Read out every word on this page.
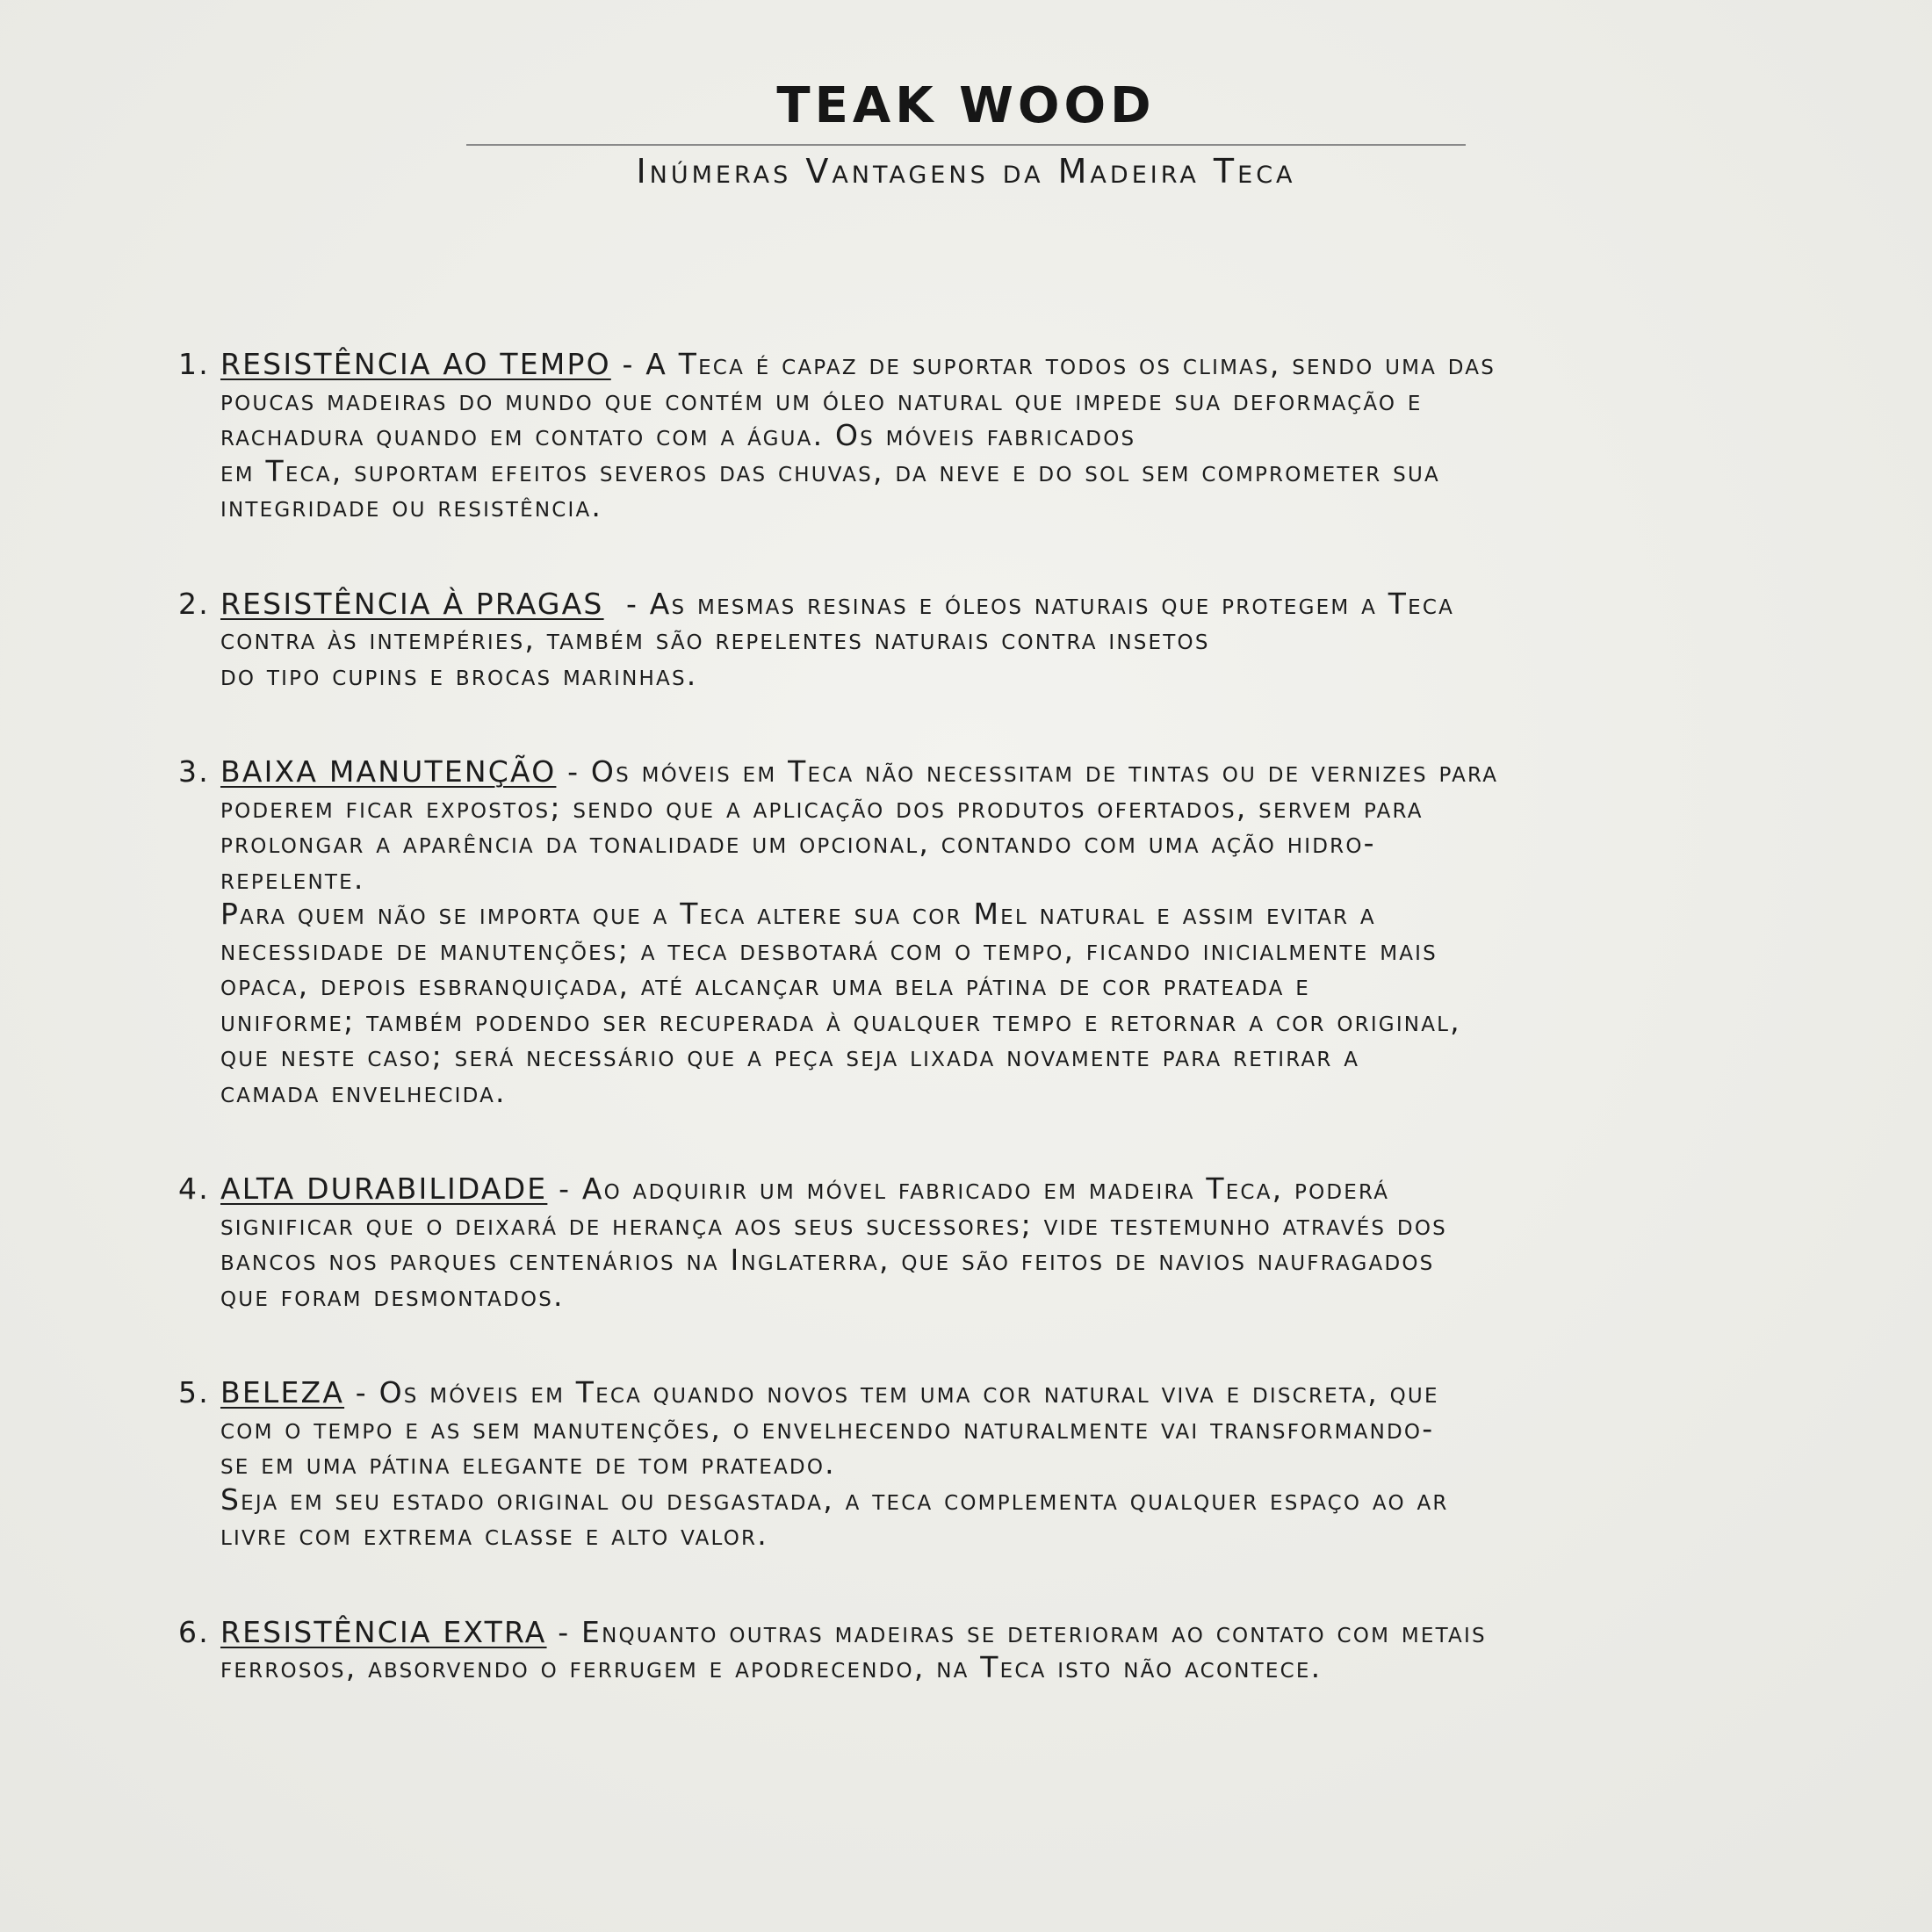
TEAK WOOD
Inúmeras Vantagens da Madeira Teca
1. RESISTÊNCIA AO TEMPO - A Teca é capaz de suportar todos os climas, sendo uma das
poucas madeiras do mundo que contém um óleo natural que impede sua deformação e
rachadura quando em contato com a água. Os móveis fabricados
em Teca, suportam efeitos severos das chuvas, da neve e do sol sem comprometer sua
integridade ou resistência.
2. RESISTÊNCIA À PRAGAS  - As mesmas resinas e óleos naturais que protegem a Teca
contra às intempéries, também são repelentes naturais contra insetos
do tipo cupins e brocas marinhas.
3. BAIXA MANUTENÇÃO - Os móveis em Teca não necessitam de tintas ou de vernizes para
poderem ficar expostos; sendo que a aplicação dos produtos ofertados, servem para
prolongar a aparência da tonalidade um opcional, contando com uma ação hidro-
repelente.
Para quem não se importa que a Teca altere sua cor Mel natural e assim evitar a
necessidade de manutenções; a teca desbotará com o tempo, ficando inicialmente mais
opaca, depois esbranquiçada, até alcançar uma bela pátina de cor prateada e
uniforme; também podendo ser recuperada à qualquer tempo e retornar a cor original,
que neste caso; será necessário que a peça seja lixada novamente para retirar a
camada envelhecida.
4. ALTA DURABILIDADE - Ao adquirir um móvel fabricado em madeira Teca, poderá
significar que o deixará de herança aos seus sucessores; vide testemunho através dos
bancos nos parques centenários na Inglaterra, que são feitos de navios naufragados
que foram desmontados.
5. BELEZA - Os móveis em Teca quando novos tem uma cor natural viva e discreta, que
com o tempo e as sem manutenções, o envelhecendo naturalmente vai transformando-
se em uma pátina elegante de tom prateado.
Seja em seu estado original ou desgastada, a teca complementa qualquer espaço ao ar
livre com extrema classe e alto valor.
6. RESISTÊNCIA EXTRA - Enquanto outras madeiras se deterioram ao contato com metais
ferrosos, absorvendo o ferrugem e apodrecendo, na Teca isto não acontece.
